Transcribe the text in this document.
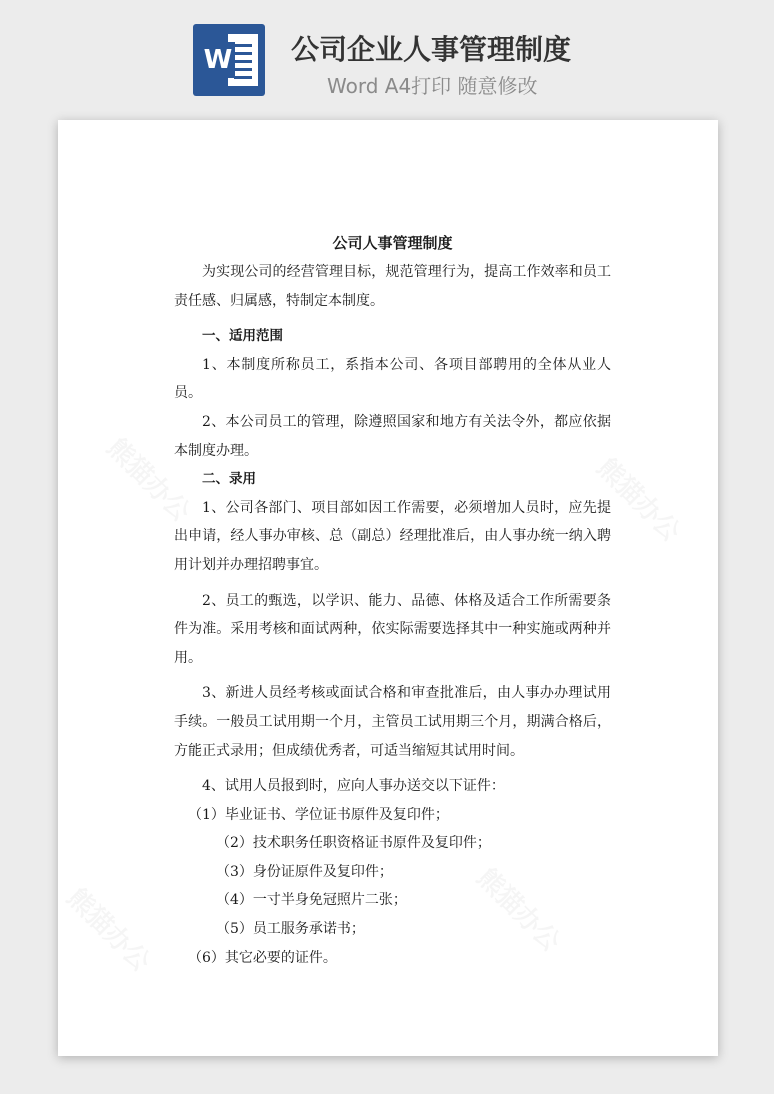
W 公司企业人事管理制度
Word A4打印 随意修改
公司人事管理制度

为实现公司的经营管理目标，规范管理行为，提高工作效率和员工责任感、归属感，特制定本制度。

一、适用范围

1、本制度所称员工，系指本公司、各项目部聘用的全体从业人员。

2、本公司员工的管理，除遵照国家和地方有关法令外，都应依据本制度办理。

二、录用

1、公司各部门、项目部如因工作需要，必须增加人员时，应先提出申请，经人事办审核、总（副总）经理批准后，由人事办统一纳入聘用计划并办理招聘事宜。

2、员工的甄选，以学识、能力、品德、体格及适合工作所需要条件为准。采用考核和面试两种，依实际需要选择其中一种实施或两种并用。

3、新进人员经考核或面试合格和审查批准后，由人事办办理试用手续。一般员工试用期一个月，主管员工试用期三个月，期满合格后，方能正式录用；但成绩优秀者，可适当缩短其试用时间。

4、试用人员报到时，应向人事办送交以下证件：

（1）毕业证书、学位证书原件及复印件；

（2）技术职务任职资格证书原件及复印件；

（3）身份证原件及复印件；

（4）一寸半身免冠照片二张；

（5）员工服务承诺书；

（6）其它必要的证件。
